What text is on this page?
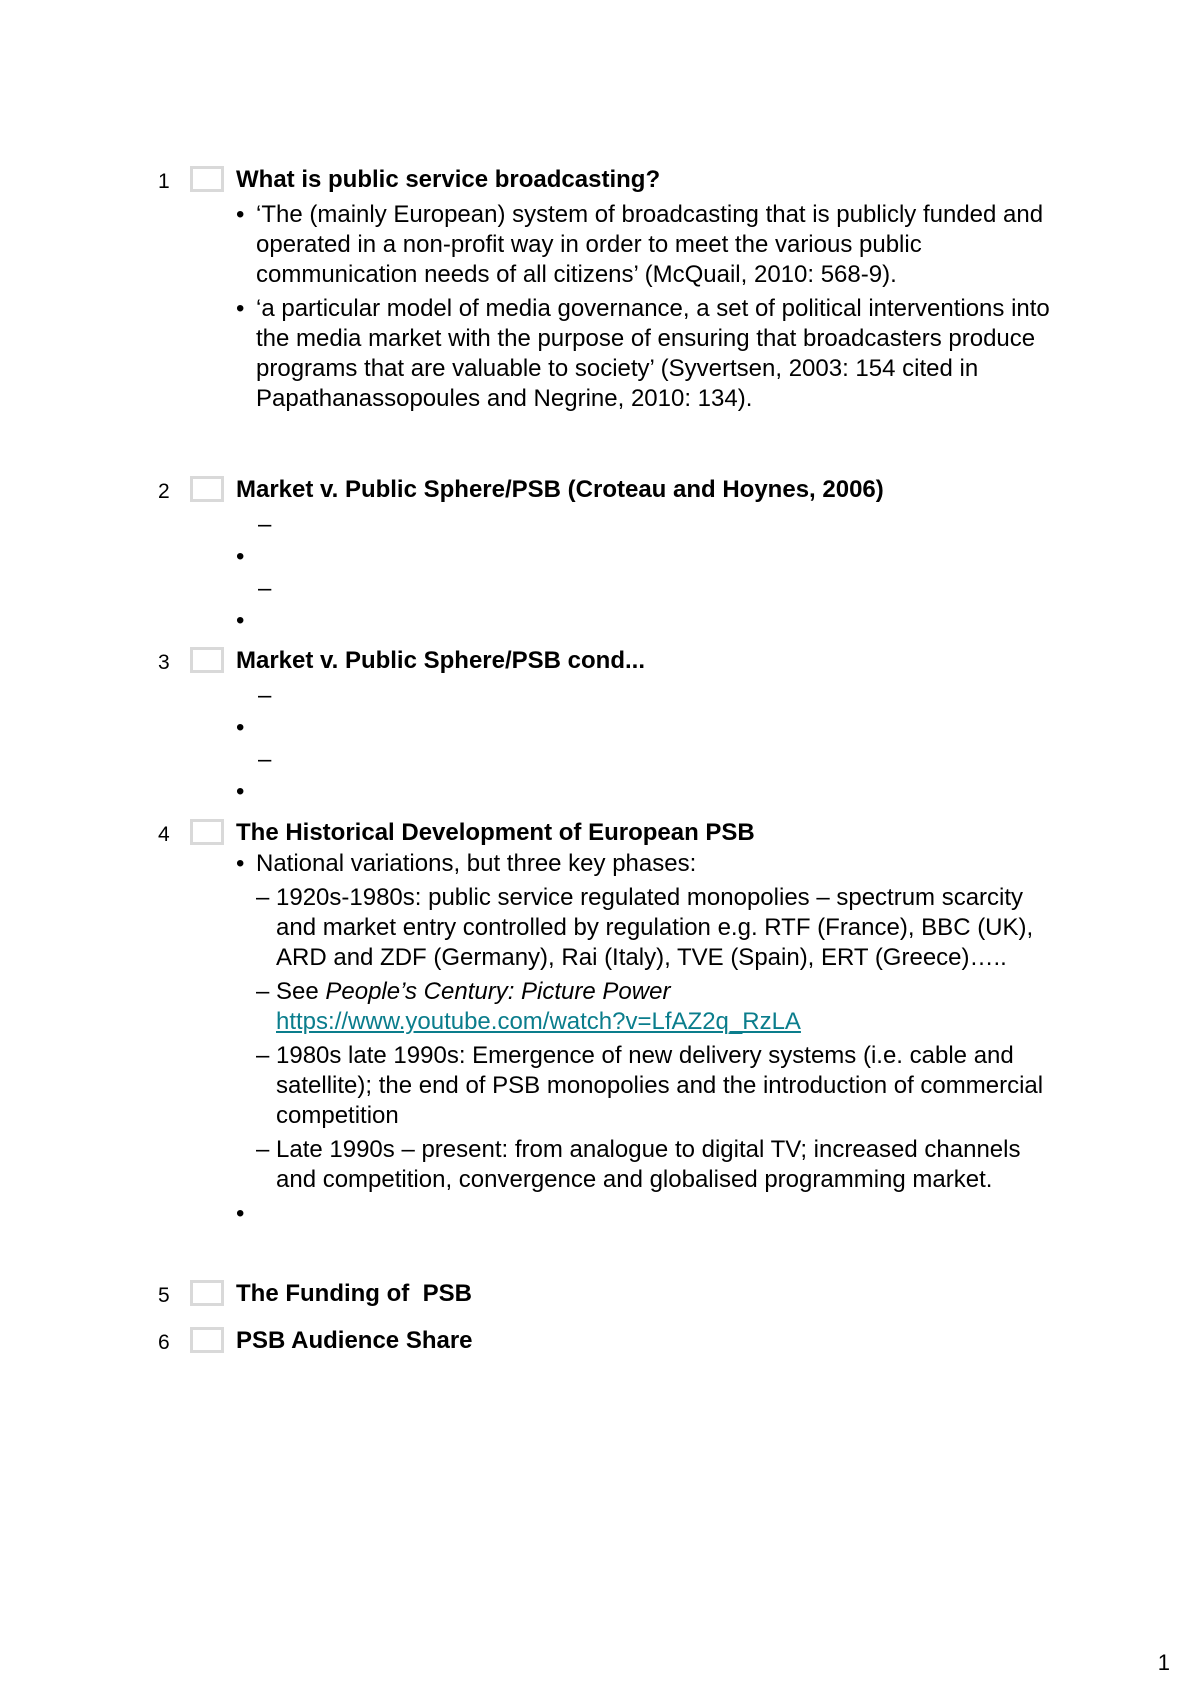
1	What is public service broadcasting?
• ‘The (mainly European) system of broadcasting that is publicly funded and operated in a non-profit way in order to meet the various public communication needs of all citizens’ (McQuail, 2010: 568-9).
• ‘a particular model of media governance, a set of political interventions into the media market with the purpose of ensuring that broadcasters produce programs that are valuable to society’ (Syvertsen, 2003: 154 cited in Papathanassopoules and Negrine, 2010: 134).
2	Market v. Public Sphere/PSB (Croteau and Hoynes, 2006)
–
•
–
•
3	Market v. Public Sphere/PSB cond...
–
•
–
•
4	The Historical Development of European PSB
• National variations, but three key phases:
– 1920s-1980s: public service regulated monopolies – spectrum scarcity and market entry controlled by regulation e.g. RTF (France), BBC (UK), ARD and ZDF (Germany), Rai (Italy), TVE (Spain), ERT (Greece)…..
– See People’s Century: Picture Power
https://www.youtube.com/watch?v=LfAZ2q_RzLA
– 1980s late 1990s: Emergence of new delivery systems (i.e. cable and satellite); the end of PSB monopolies and the introduction of commercial competition
– Late 1990s – present: from analogue to digital TV; increased channels and competition, convergence and globalised programming market.
•
5	The Funding of  PSB
6	PSB Audience Share
1
